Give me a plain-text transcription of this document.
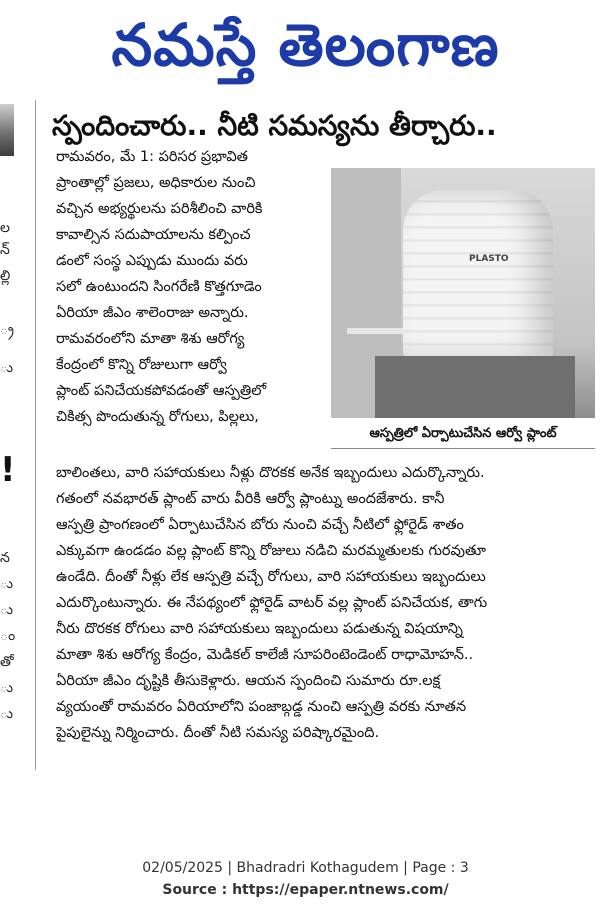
నమస్తే తెలంగాణ
ల
న్
ల్లి
్ర
ు
!
న
ు
ు
ం
తో
ు
ు
స్పందించారు.. నీటి సమస్యను తీర్చారు..
PLASTO
ఆస్పత్రిలో ఏర్పాటుచేసిన ఆర్వో ప్లాంట్
రామవరం, మే 1: పరిసర ప్రభావిత
ప్రాంతాల్లో ప్రజలు, అధికారుల నుంచి
వచ్చిన అభ్యర్థులను పరిశీలించి వారికి
కావాల్సిన సదుపాయాలను కల్పించ
డంలో సంస్థ ఎప్పుడు ముందు వరు
సలో ఉంటుందని సింగరేణి కొత్తగూడెం
ఏరియా జీఎం శాలెంరాజు అన్నారు.
రామవరంలోని మాతా శిశు ఆరోగ్య
కేంద్రంలో కొన్ని రోజులుగా ఆర్వో
ప్లాంట్ పనిచేయకపోవడంతో ఆస్పత్రిలో
చికిత్స పొందుతున్న రోగులు, పిల్లలు,
బాలింతలు, వారి సహాయకులు నీళ్లు దొరకక అనేక ఇబ్బందులు ఎదుర్కొన్నారు.
గతంలో నవభారత్ ప్లాంట్ వారు వీరికి ఆర్వో ప్లాంట్ను అందజేశారు. కానీ
ఆస్పత్రి ప్రాంగణంలో ఏర్పాటుచేసిన బోరు నుంచి వచ్చే నీటిలో ఫ్లోరైడ్ శాతం
ఎక్కువగా ఉండడం వల్ల ప్లాంట్ కొన్ని రోజులు నడిచి మరమ్మతులకు గురవుతూ
ఉండేది. దీంతో నీళ్లు లేక ఆస్పత్రి వచ్చే రోగులు, వారి సహాయకులు ఇబ్బందులు
ఎదుర్కొంటున్నారు. ఈ నేపథ్యంలో ఫ్లోరైడ్ వాటర్ వల్ల ప్లాంట్ పనిచేయక, తాగు
నీరు దొరకక రోగులు వారి సహాయకులు ఇబ్బందులు పడుతున్న విషయాన్ని
మాతా శిశు ఆరోగ్య కేంద్రం, మెడికల్ కాలేజీ సూపరింటెండెంట్ రాధామోహన్..
ఏరియా జీఎం దృష్టికి తీసుకెళ్లారు. ఆయన స్పందించి సుమారు రూ.లక్ష
వ్యయంతో రామవరం ఏరియాలోని పంజాబ్గడ్డ నుంచి ఆస్పత్రి వరకు నూతన
పైపులైన్ను నిర్మించారు. దీంతో నీటి సమస్య పరిష్కారమైంది.
02/05/2025 | Bhadradri Kothagudem | Page : 3
Source : https://epaper.ntnews.com/
